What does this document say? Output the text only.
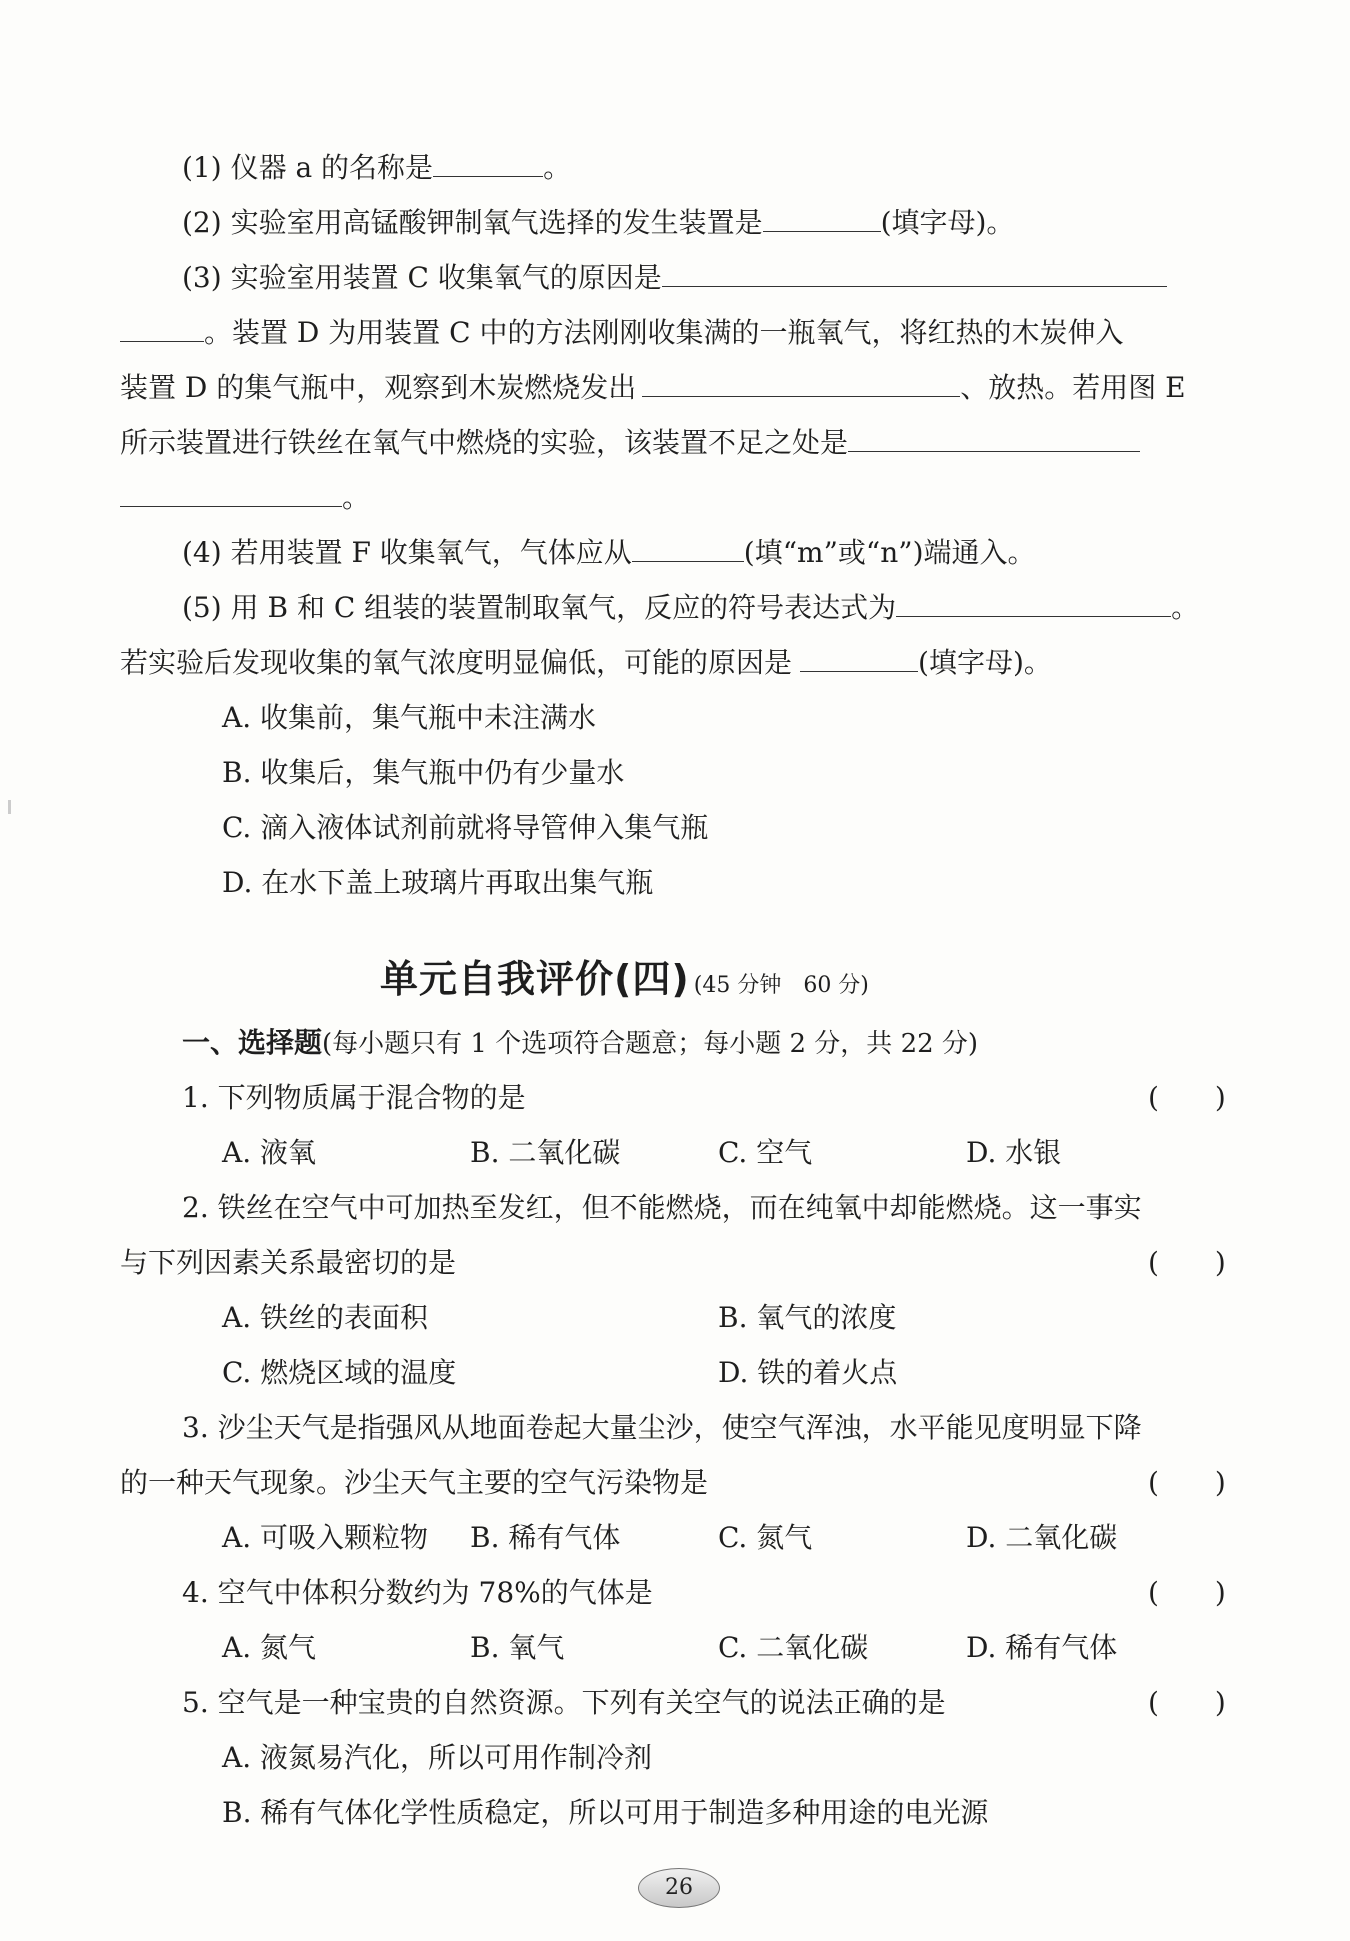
(1) 仪器 a 的名称是	。
(2) 实验室用高锰酸钾制氧气选择的发生装置是	(填字母)。
(3) 实验室用装置 C 收集氧气的原因是
。装置 D 为用装置 C 中的方法刚刚收集满的一瓶氧气，将红热的木炭伸入
装置 D 的集气瓶中，观察到木炭燃烧发出	、放热。若用图 E
所示装置进行铁丝在氧气中燃烧的实验，该装置不足之处是
。
(4) 若用装置 F 收集氧气，气体应从	(填“m”或“n”)端通入。
(5) 用 B 和 C 组装的装置制取氧气，反应的符号表达式为	。
若实验后发现收集的氧气浓度明显偏低，可能的原因是	(填字母)。
A. 收集前，集气瓶中未注满水
B. 收集后，集气瓶中仍有少量水
C. 滴入液体试剂前就将导管伸入集气瓶
D. 在水下盖上玻璃片再取出集气瓶
单元自我评价(四) (45 分钟　60 分)
一、选择题(每小题只有 1 个选项符合题意；每小题 2 分，共 22 分)
1. 下列物质属于混合物的是	(　　)
A. 液氧	B. 二氧化碳	C. 空气	D. 水银
2. 铁丝在空气中可加热至发红，但不能燃烧，而在纯氧中却能燃烧。这一事实
与下列因素关系最密切的是	(　　)
A. 铁丝的表面积	B. 氧气的浓度
C. 燃烧区域的温度	D. 铁的着火点
3. 沙尘天气是指强风从地面卷起大量尘沙，使空气浑浊，水平能见度明显下降
的一种天气现象。沙尘天气主要的空气污染物是	(　　)
A. 可吸入颗粒物 B. 稀有气体	C. 氮气	D. 二氧化碳
4. 空气中体积分数约为 78%的气体是	(　　)
A. 氮气	B. 氧气	C. 二氧化碳	D. 稀有气体
5. 空气是一种宝贵的自然资源。下列有关空气的说法正确的是	(　　)
A. 液氮易汽化，所以可用作制冷剂
B. 稀有气体化学性质稳定，所以可用于制造多种用途的电光源
26
